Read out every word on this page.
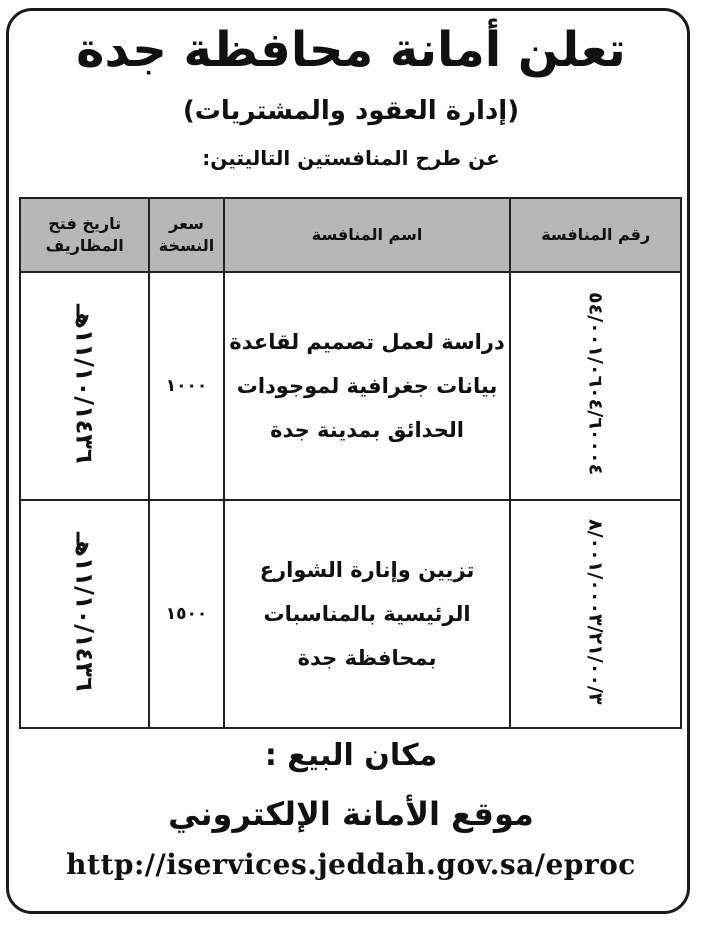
تعلن أمانة محافظة جدة
(إدارة العقود والمشتريات)
عن طرح المنافستين التاليتين:
رقم المنافسة	اسم المنافسة	سعر النسخة	تاريخ فتح المظاريف
٥٤/٠٠١/٠٦٠٤/٦٠٠٠٤	دراسة لعمل تصميم لقاعدة بيانات جغرافية لموجودات الحدائق بمدينة جدة	١٠٠٠	١١/١٠/١٤٣٦هـ
٨/٠٠١/٠٠٠٣/٢١/٠٠/٣	تزيين وإنارة الشوارع الرئيسية بالمناسبات بمحافظة جدة	١٥٠٠	١١/١٠/١٤٣٦هـ
مكان البيع :
موقع الأمانة الإلكتروني
http://iservices.jeddah.gov.sa/eproc
